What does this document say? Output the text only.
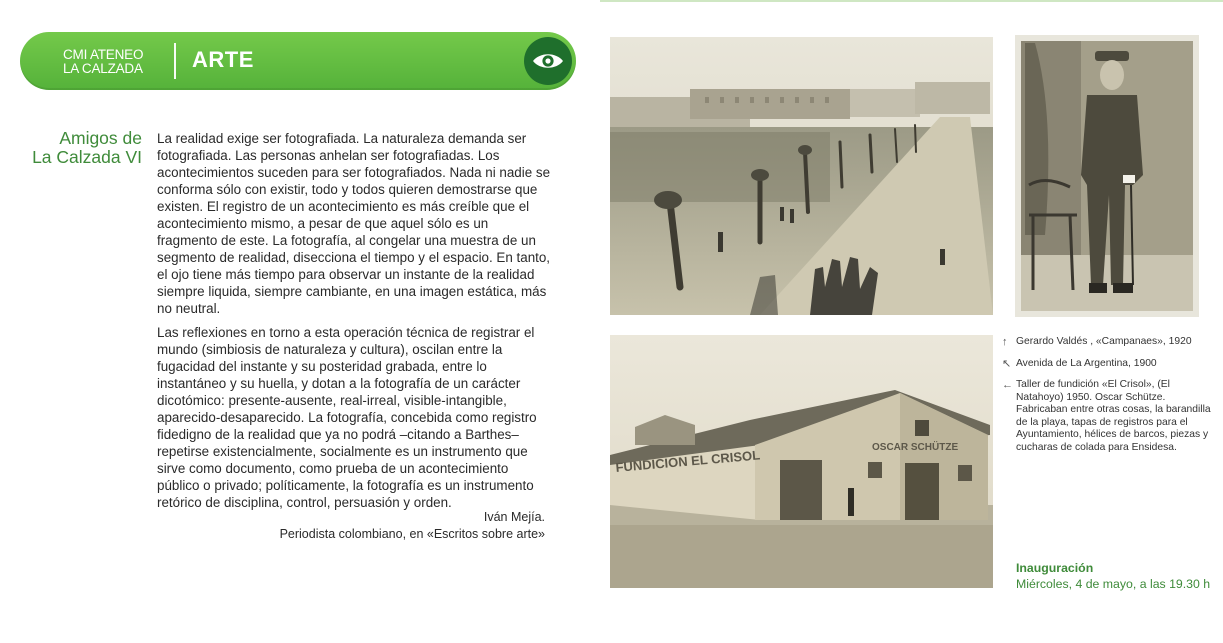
CMI ATENEO
LA CALZADA	ARTE
Amigos de
La Calzada VI

La realidad exige ser fotografiada. La naturaleza demanda ser fotografiada. Las personas anhelan ser fotografiadas. Los acontecimientos suceden para ser fotografiados. Nada ni nadie se conforma sólo con existir, todo y todos quieren demostrarse que existen. El registro de un acontecimiento es más creíble que el acontecimiento mismo, a pesar de que aquel sólo es un fragmento de este. La fotografía, al congelar una muestra de un segmento de realidad, disecciona el tiempo y el espacio. En tanto, el ojo tiene más tiempo para observar un instante de la realidad siempre liquida, siempre cambiante, en una imagen estática, más no neutral.

Las reflexiones en torno a esta operación técnica de registrar el mundo (simbiosis de naturaleza y cultura), oscilan entre la fugacidad del instante y su posteridad grabada, entre lo instantáneo y su huella, y dotan a la fotografía de un carácter dicotómico: presente-ausente, real-irreal, visible-intangible, aparecido-desaparecido. La fotografía, concebida como registro fidedigno de la realidad que ya no podrá –citando a Barthes– repetirse existencialmente, socialmente es un instrumento que sirve como documento, como prueba de un acontecimiento público o privado; políticamente, la fotografía es un instrumento retórico de disciplina, control, persuasión y orden.

Iván Mejía.
Periodista colombiano, en «Escritos sobre arte»
FUNDICION EL CRISOL	OSCAR SCHÜTZE
↑ Gerardo Valdés , «Campanaes», 1920
↖ Avenida de La Argentina, 1900
← Taller de fundición «El Crisol», (El Natahoyo) 1950. Oscar Schütze. Fabricaban entre otras cosas, la barandilla de la playa, tapas de registros para el Ayuntamiento, hélices de barcos, piezas y cucharas de colada para Ensidesa.
Inauguración
Miércoles, 4 de mayo, a las 19.30 h
